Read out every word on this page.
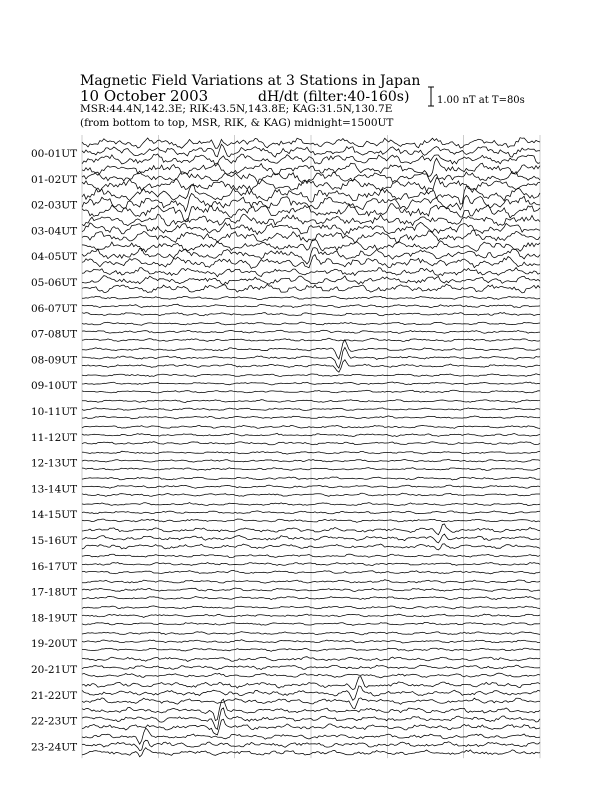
Magnetic Field Variations at 3 Stations in Japan
10 October 2003	dH/dt (filter:40-160s)
MSR:44.4N,142.3E; RIK:43.5N,143.8E; KAG:31.5N,130.7E
(from bottom to top, MSR, RIK, & KAG) midnight=1500UT
1.00 nT at T=80s
00-01UT
01-02UT
02-03UT
03-04UT
04-05UT
05-06UT
06-07UT
07-08UT
08-09UT
09-10UT
10-11UT
11-12UT
12-13UT
13-14UT
14-15UT
15-16UT
16-17UT
17-18UT
18-19UT
19-20UT
20-21UT
21-22UT
22-23UT
23-24UT
